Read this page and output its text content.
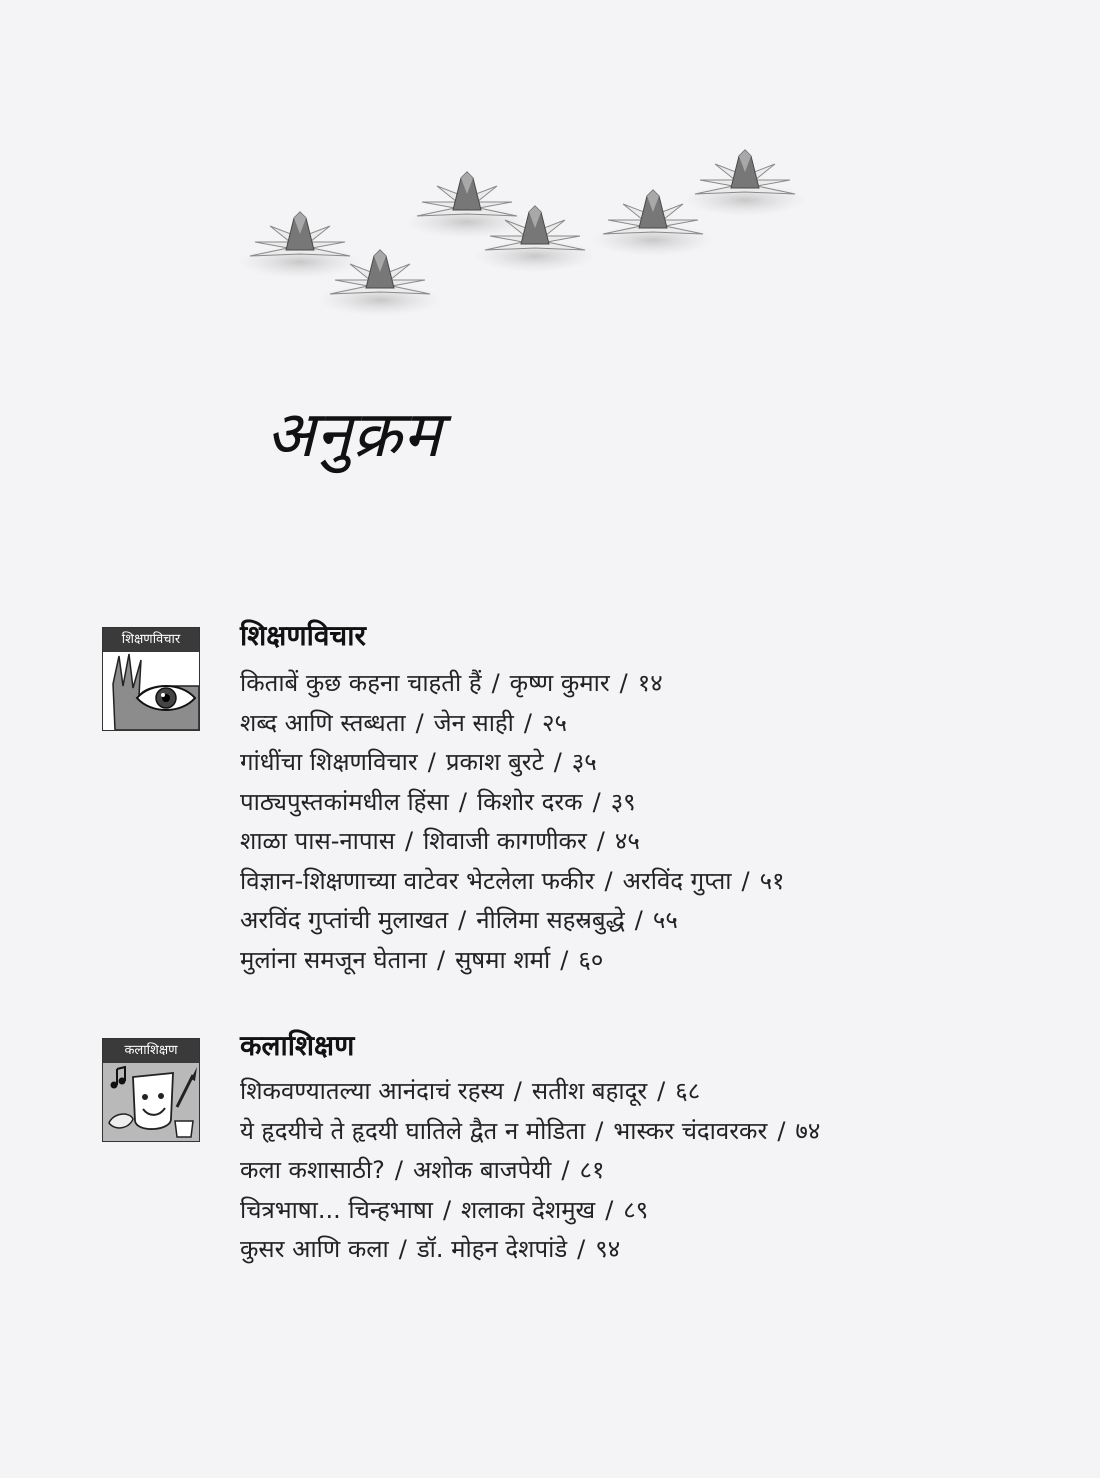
अनुक्रम
शिक्षणविचार	शिक्षणविचार
किताबें कुछ कहना चाहती हैं / कृष्ण कुमार / १४
शब्द आणि स्तब्धता / जेन साही / २५
गांधींचा शिक्षणविचार / प्रकाश बुरटे / ३५
पाठ्यपुस्तकांमधील हिंसा / किशोर दरक / ३९
शाळा पास-नापास / शिवाजी कागणीकर / ४५
विज्ञान-शिक्षणाच्या वाटेवर भेटलेला फकीर / अरविंद गुप्ता / ५१
अरविंद गुप्तांची मुलाखत / नीलिमा सहस्रबुद्धे / ५५
मुलांना समजून घेताना / सुषमा शर्मा / ६०
कलाशिक्षण	कलाशिक्षण
शिकवण्यातल्या आनंदाचं रहस्य / सतीश बहादूर / ६८
ये हृदयीचे ते हृदयी घातिले द्वैत न मोडिता / भास्कर चंदावरकर / ७४
कला कशासाठी? / अशोक बाजपेयी / ८१
चित्रभाषा... चिन्हभाषा / शलाका देशमुख / ८९
कुसर आणि कला / डॉ. मोहन देशपांडे / ९४
